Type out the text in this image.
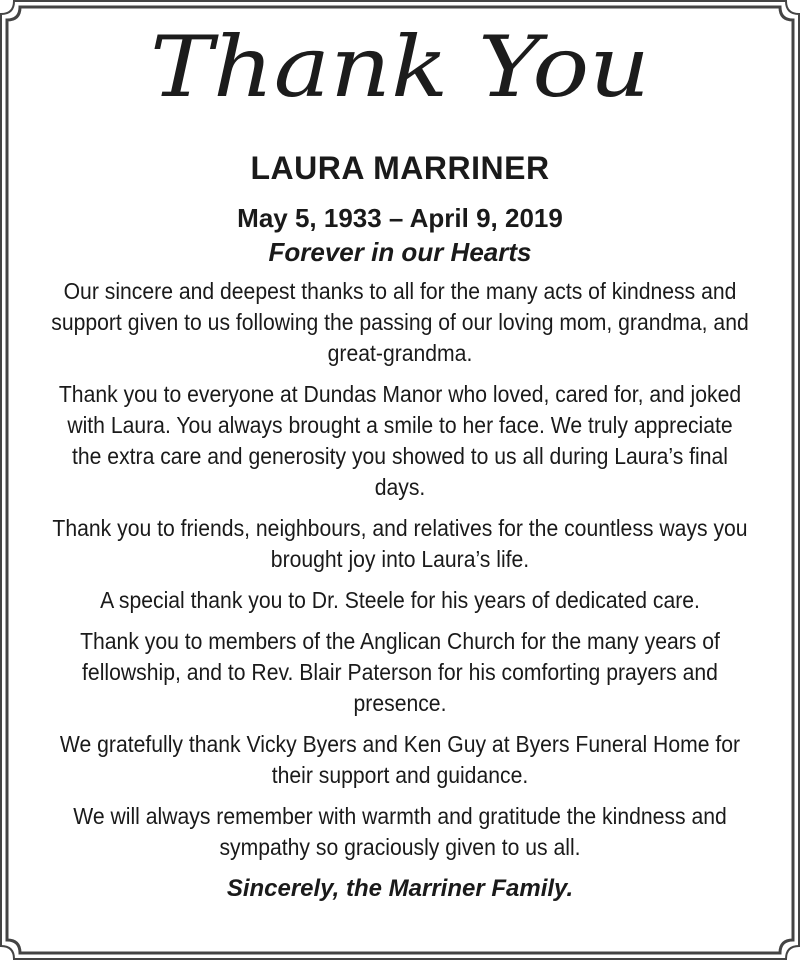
Thank You
LAURA MARRINER
May 5, 1933 – April 9, 2019
Forever in our Hearts

Our sincere and deepest thanks to all for the many acts of kindness and support given to us following the passing of our loving mom, grandma, and great-grandma.

Thank you to everyone at Dundas Manor who loved, cared for, and joked with Laura. You always brought a smile to her face. We truly appreciate the extra care and generosity you showed to us all during Laura’s final days.

Thank you to friends, neighbours, and relatives for the countless ways you brought joy into Laura’s life.

A special thank you to Dr. Steele for his years of dedicated care.

Thank you to members of the Anglican Church for the many years of fellowship, and to Rev. Blair Paterson for his comforting prayers and presence.

We gratefully thank Vicky Byers and Ken Guy at Byers Funeral Home for their support and guidance.

We will always remember with warmth and gratitude the kindness and sympathy so graciously given to us all.

Sincerely, the Marriner Family.
